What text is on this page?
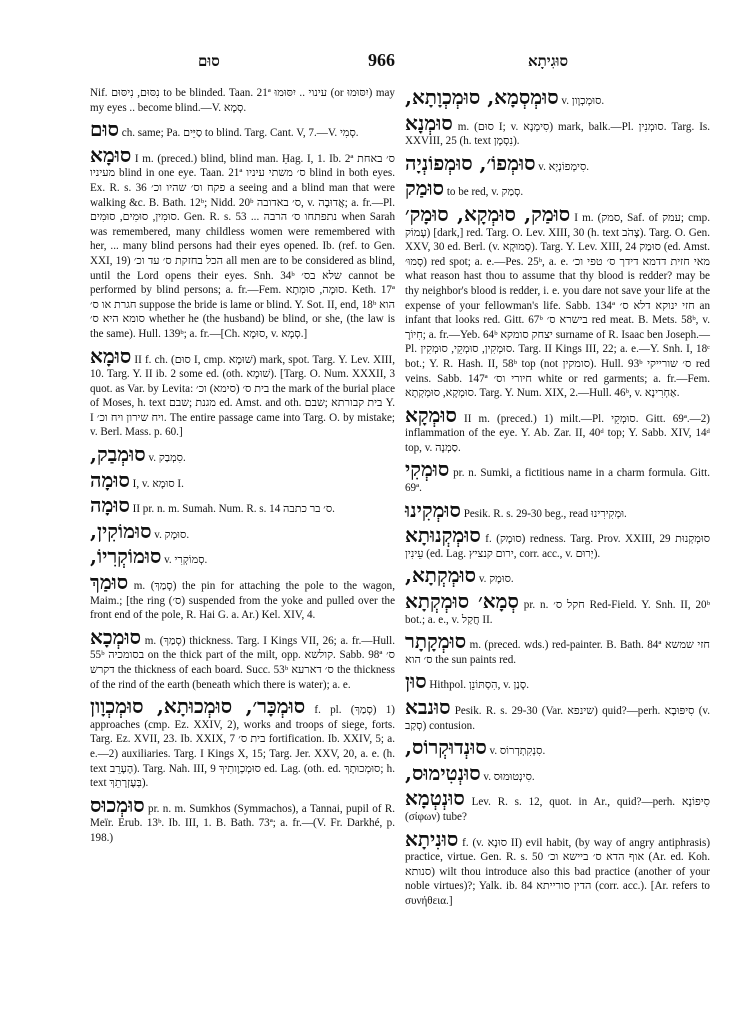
סוּם	966	סוּגִיתָא

Nif. נִסּוּם, נִיסּוּם to be blinded. Taan. 21ª עינוי .. יִסּוּמוּ (or יִסּוּמוּ) may my eyes .. become blind.—V. סְמָא.

סוּם ch. same; Pa. סַיֵּים to blind. Targ. Cant. V, 7.—V. סְמִי.

סוּמָא I m. (preced.) blind, blind man. Ḥag. I, 1. Ib. 2ª ס׳ באחת מעיניו blind in one eye. Taan. 21ª ס׳ משתי עיניו blind in both eyes. Ex. R. s. 36 פקח וס׳ שהיו וכ׳ a seeing and a blind man that were walking &c. B. Bath. 12ᵇ; Nidd. 20ᵇ ס׳ באדובה, v. אֲדוּבָה; a. fr.—Pl. סוּמִין, סוּמִים, סוּמִים. Gen. R. s. 53 ... נתפתחו ס׳ הרבה when Sarah was remembered, many childless women were remembered with her, ... many blind persons had their eyes opened. Ib. (ref. to Gen. XXI, 19) הכל בחזקת ס׳ עד וכ׳ all men are to be considered as blind, until the Lord opens their eyes. Snh. 34ᵇ שלא בס׳ cannot be performed by blind persons; a. fr.—Fem. סוּמָה, סוּמְתָא. Keth. 17ª חגרת או ס׳ suppose the bride is lame or blind. Y. Sot. II, end, 18ᵇ הוא סומא היא ס׳ whether he (the husband) be blind, or she, (the law is the same). Hull. 139ᵇ; a. fr.—[Ch. סוּמָא, v. סְמָא.]

סוּמָא II f. ch. (סוּם I, cmp. שׁוּמָא) mark, spot. Targ. Y. Lev. XIII, 10. Targ. Y. II ib. 2 some ed. (oth. שׁוּמָא). [Targ. O. Num. XXXII, 3 quot. as Var. by Levita: בית ס׳ (סימא) וכ׳ the mark of the burial place of Moses, h. text מגנת ;שבם ed. Amst. and oth. בית קבורתא ;שבם Y. I ויח שירון ויח וכ׳. The entire passage came into Targ. O. by mistake; v. Berl. Mass. p. 60.]

סוּמְבַק, v. סִמְבַק.

סוּמָה I, v. סוּמָא I.

סוּמָה II pr. n. m. Sumah. Num. R. s. 14 ס׳ בר כתבה.

סוּמוֹקִין, v. סוּמָק.

סוּמוֹקְרִיוֹ, v. סְמוֹקְרִי.

סוּמַךְ m. (סָמַךְ) the pin for attaching the pole to the wagon, Maim.; [the ring (ס׳) suspended from the yoke and pulled over the front end of the pole, R. Hai G. a. Ar.) Kel. XIV, 4.

סוּמְכָא m. (סְמַךְ) thickness. Targ. I Kings VII, 26; a. fr.—Hull. 55ᵇ בסומכיה on the thick part of the milt, opp. קולשא. Sabb. 98ª ס׳ דקרש the thickness of each board. Succ. 53ᵇ ס׳ דארעא the thickness of the rind of the earth (beneath which there is water); a. e.

סוּמְכָּר׳, סוּמְכוּתָא, סוּמְכְוָון f. pl. (סְמַךְ) 1) approaches (cmp. Ez. XXIV, 2), works and troops of siege, forts. Targ. Ez. XVII, 23. Ib. XXIX, 7 בית ס׳ fortification. Ib. XXIV, 5; a. e.—2) auxiliaries. Targ. I Kings X, 15; Targ. Jer. XXV, 20, a. e. (h. text הֶעָרֵב). Targ. Nah. III, 9 סוּמְכְוָותִיךְ ed. Lag. (oth. ed. סוּמְכוּתָךְ; h. text בְּעֶזְרָתֵךְ).

סוּמְכוּס pr. n. m. Sumkhos (Symmachos), a Tannai, pupil of R. Meïr. Erub. 13ᵇ. Ib. III, 1. B. Bath. 73ª; a. fr.—(V. Fr. Darkhé, p. 198.)

סוּמְסְמָא, סוּמְכְוָתָא, v. סוּמְכְוָון.

סוּמְנָא m. (סוּם I; v. סִימְנָא) mark, balk.—Pl. סוּמְנִין. Targ. Is. XXVIII, 25 (h. text נִסְמָן).

סוּמְפוֹ׳, סוּמְפוֹנְיָה v. סִימְפוֹנְיָא.

סוּמַק to be red, v. סְמַק.

סוּמַק, סוּמְקָא, סוּמָק׳ I m. (סמק, Saf. of עמק; cmp. עָמוֹק) [dark,] red. Targ. O. Lev. XIII, 30 (h. text צָהֹב). Targ. O. Gen. XXV, 30 ed. Berl. (v. סְמוּקָא). Targ. Y. Lev. XIII, 24 סוּמַק (ed. Amst. סְמוּ׳) red spot; a. e.—Pes. 25ᵇ, a. e. מאי חזית דדמא דידך ס׳ טפי וכ׳ what reason hast thou to assume that thy blood is redder? may be thy neighbor's blood is redder, i. e. you dare not save your life at the expense of your fellowman's life. Sabb. 134ª חזי ינוקא דלא ס׳ an infant that looks red. Gitt. 67ᵇ בישרא ס׳ red meat. B. Mets. 58ᵇ, v. חִיוֹרָ; a. fr.—Yeb. 64ᵇ יצחק סומקא surname of R. Isaac ben Joseph.—Pl. סוּמְקִין, סוּמְקֵי, סוּמְקִין. Targ. II Kings III, 22; a. e.—Y. Snh. I, 18ᶜ bot.; Y. R. Hash. II, 58ᵇ top (not סומקין). Hull. 93ᵇ ס׳ שורייקי red veins. Sabb. 147ª חיורי וס׳ white or red garments; a. fr.—Fem. סוּמְקָא, סוּמְקְתָא. Targ. Y. Num. XIX, 2.—Hull. 46ᵇ, v. אַחְרִינָא.

סוּמְקָא II m. (preced.) 1) milt.—Pl. סוּמְקֵי. Gitt. 69ª.—2) inflammation of the eye. Y. Ab. Zar. II, 40ᵈ top; Y. Sabb. XIV, 14ᵈ top, v. סַמְנָה.

סוּמְקִי pr. n. Sumki, a fictitious name in a charm formula. Gitt. 69ª.

סוּמְקִינוּ Pesik. R. s. 29-30 beg., read וּמְקִירִינוּ.

סוּמְקְנוּתָא f. (סוּמָק) redness. Targ. Prov. XXIII, 29 סוּמְקְנוּת עֵינִין (ed. Lag. ירום קנציץ, corr. acc., v. יְרוּם).

סוּמְקְתָא, v. סוּמָק.

סְמָא׳ סוּמְקְתָא pr. n. חקל ס׳ Red-Field. Y. Snh. II, 20ᵇ bot.; a. e., v. חֲקַל II.

סוּמְקָתָר m. (preced. wds.) red-painter. B. Bath. 84ª חזי שמשא ס׳ הוא the sun paints red.

סוּן Hithpol. הִסְתּוֹנֵן, v. סָנַן.

סוּנבא Pesik. R. s. 29-30 (Var. שינפא) quid?—perh. סִיפּוּבָא (v. סְקַב) contusion.

סוּנְדוּקְרוֹס, v. סִנְקִתְדְרוֹס.

סוּנְטִימוּס, v. סִינְטוּמוּס.

סוּנְטְמָא Lev. R. s. 12, quot. in Ar., quid?—perh. סִיפוֹנָא (σίφων) tube?

סוּנִיתָא f. (v. סוּנָא II) evil habit, (by way of angry antiphrasis) practice, virtue. Gen. R. s. 50 אוף הדא ס׳ ביישא וכ׳ (Ar. ed. Koh. סנותא) wilt thou introduce also this bad practice (another of your noble virtues)?; Yalk. ib. 84 הדין סורייתא (corr. acc.). [Ar. refers to συνήθεια.]
